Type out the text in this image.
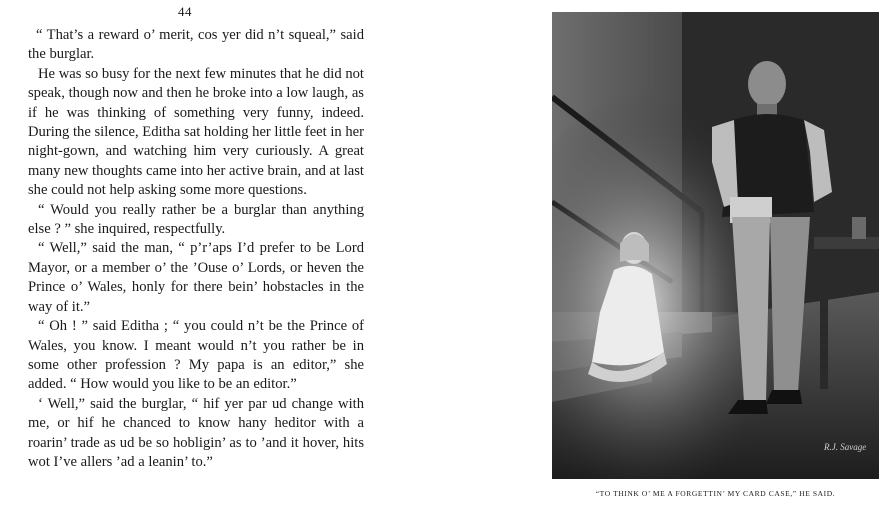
44

“ That’s a reward o’ merit, cos yer did n’t squeal,” said the burglar.

He was so busy for the next few minutes that he did not speak, though now and then he broke into a low laugh, as if he was thinking of something very funny, indeed. During the silence, Editha sat holding her little feet in her night-gown, and watching him very curiously. A great many new thoughts came into her active brain, and at last she could not help asking some more questions.

“ Would you really rather be a burglar than anything else ? ” she inquired, respectfully.

“ Well,” said the man, “ p’r’aps I’d prefer to be Lord Mayor, or a member o’ the ’Ouse o’ Lords, or heven the Prince o’ Wales, honly for there bein’ hobstacles in the way of it.”

“ Oh ! ” said Editha ; “ you could n’t be the Prince of Wales, you know. I meant would n’t you rather be in some other profession ? My papa is an editor,” she added. “ How would you like to be an editor.”

‘ Well,” said the burglar, “ hif yer par ud change with me, or hif he chanced to know hany heditor with a roarin’ trade as ud be so hobligin’ as to ’and it hover, hits wot I’ve allers ’ad a leanin’ to.”

R.J. Savage
“TO THINK O’ ME A FORGETTIN’ MY CARD CASE,” HE SAID.
